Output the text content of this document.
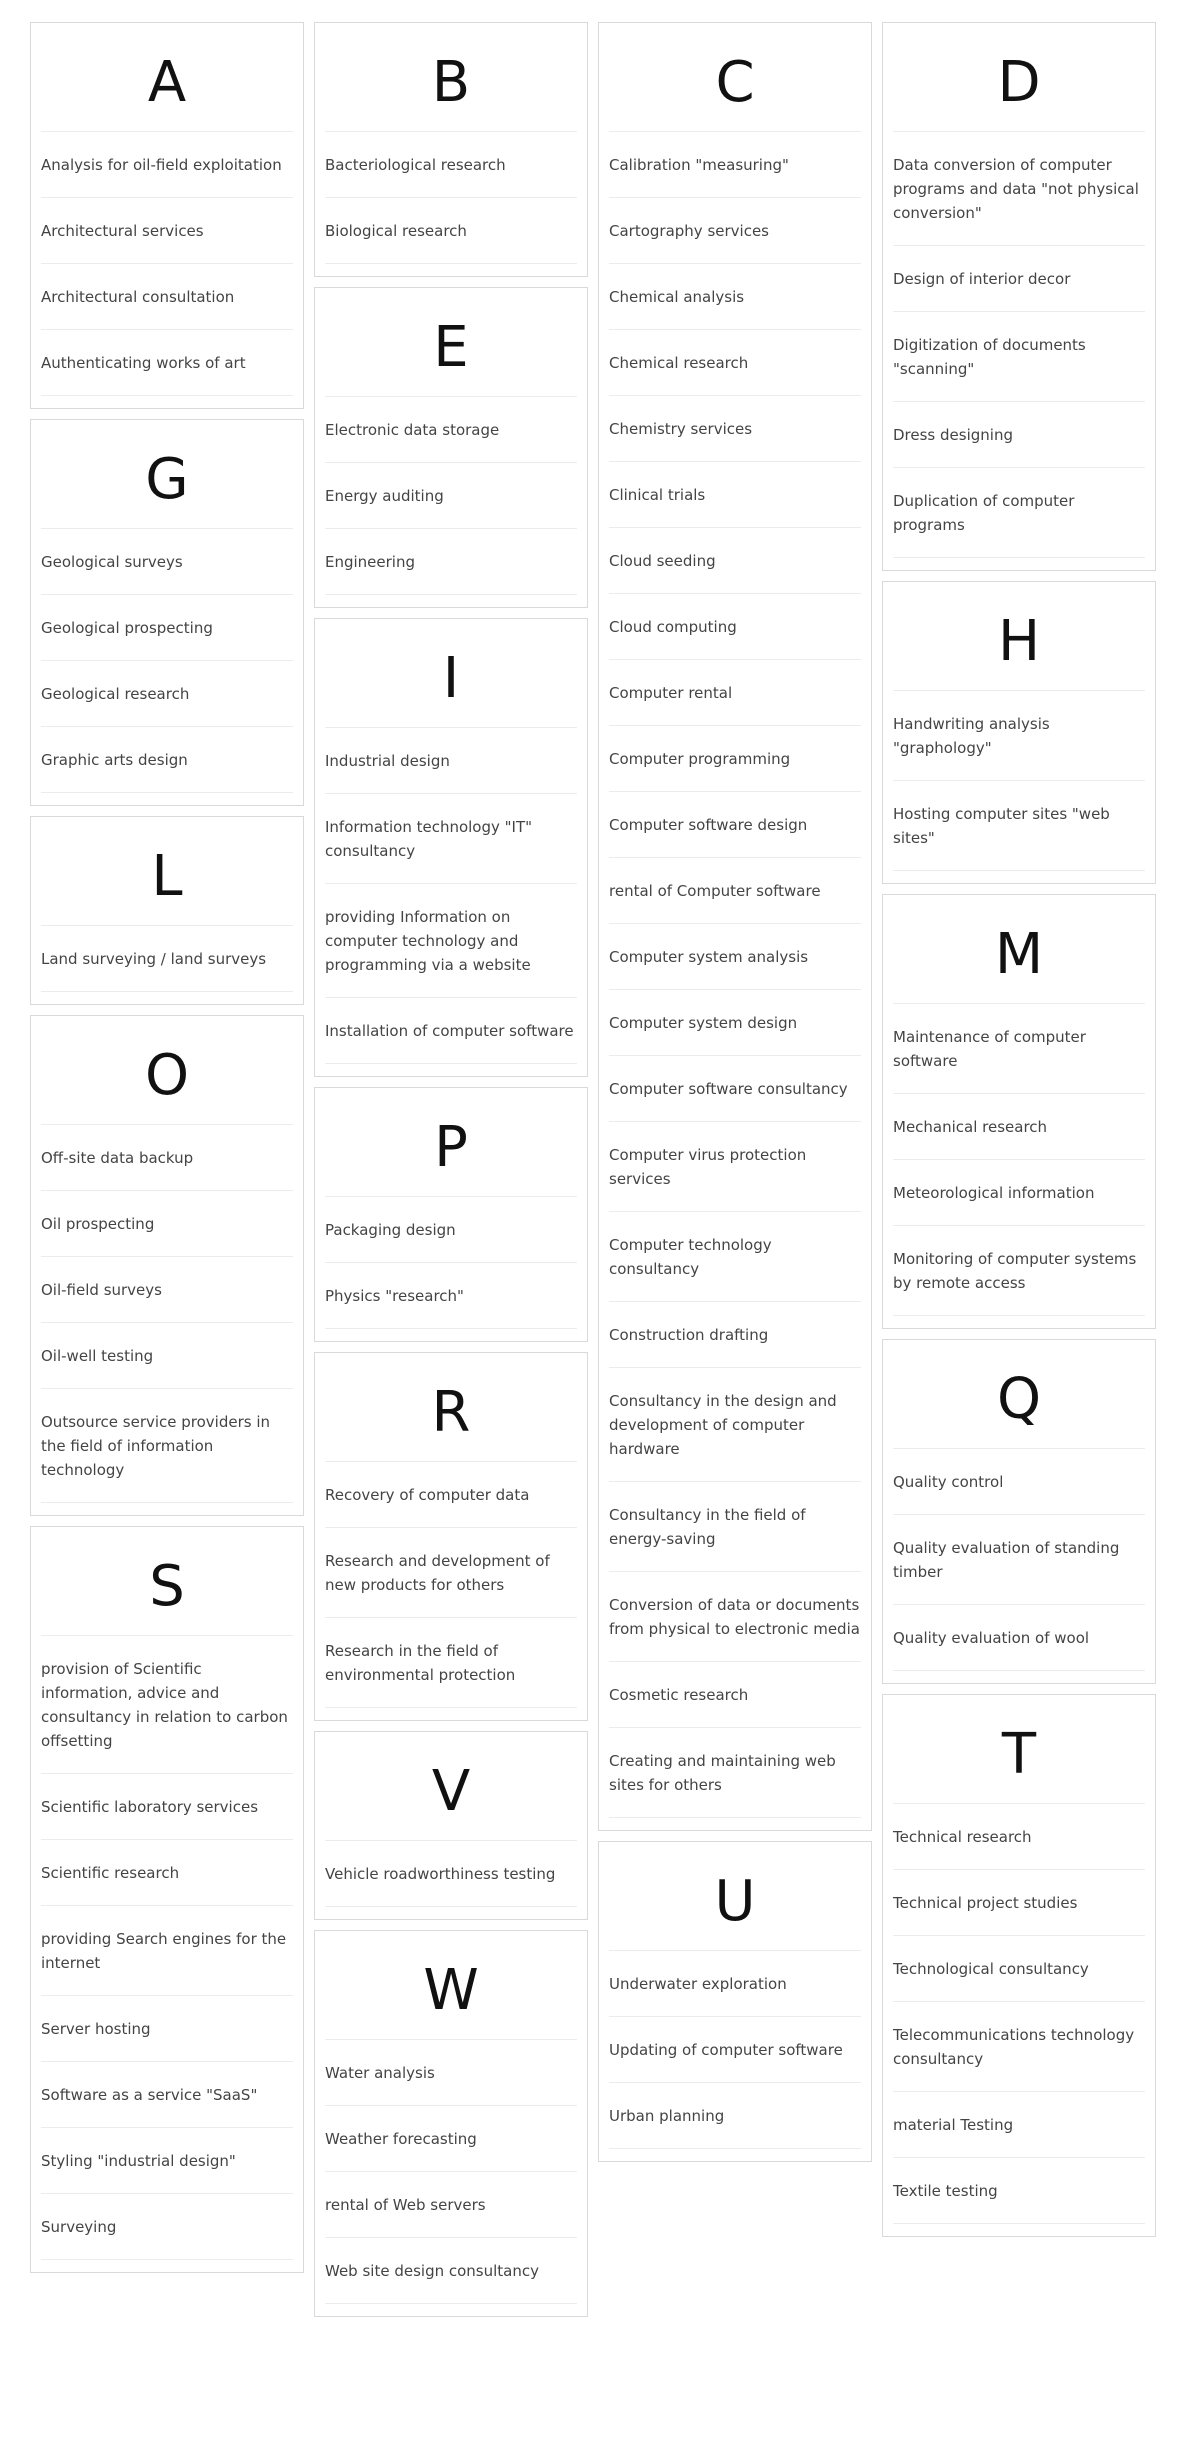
A
Analysis for oil-field exploitation
Architectural services
Architectural consultation
Authenticating works of art
G
Geological surveys
Geological prospecting
Geological research
Graphic arts design
L
Land surveying / land surveys
O
Off-site data backup
Oil prospecting
Oil-field surveys
Oil-well testing
Outsource service providers in the field of information technology
S
provision of Scientific information, advice and consultancy in relation to carbon offsetting
Scientific laboratory services
Scientific research
providing Search engines for the internet
Server hosting
Software as a service "SaaS"
Styling "industrial design"
Surveying
B
Bacteriological research
Biological research
E
Electronic data storage
Energy auditing
Engineering
I
Industrial design
Information technology "IT" consultancy
providing Information on computer technology and programming via a website
Installation of computer software
P
Packaging design
Physics "research"
R
Recovery of computer data
Research and development of new products for others
Research in the field of environmental protection
V
Vehicle roadworthiness testing
W
Water analysis
Weather forecasting
rental of Web servers
Web site design consultancy
C
Calibration "measuring"
Cartography services
Chemical analysis
Chemical research
Chemistry services
Clinical trials
Cloud seeding
Cloud computing
Computer rental
Computer programming
Computer software design
rental of Computer software
Computer system analysis
Computer system design
Computer software consultancy
Computer virus protection services
Computer technology consultancy
Construction drafting
Consultancy in the design and development of computer hardware
Consultancy in the field of energy-saving
Conversion of data or documents from physical to electronic media
Cosmetic research
Creating and maintaining web sites for others
U
Underwater exploration
Updating of computer software
Urban planning
D
Data conversion of computer programs and data "not physical conversion"
Design of interior decor
Digitization of documents "scanning"
Dress designing
Duplication of computer programs
H
Handwriting analysis "graphology"
Hosting computer sites "web sites"
M
Maintenance of computer software
Mechanical research
Meteorological information
Monitoring of computer systems by remote access
Q
Quality control
Quality evaluation of standing timber
Quality evaluation of wool
T
Technical research
Technical project studies
Technological consultancy
Telecommunications technology consultancy
material Testing
Textile testing
